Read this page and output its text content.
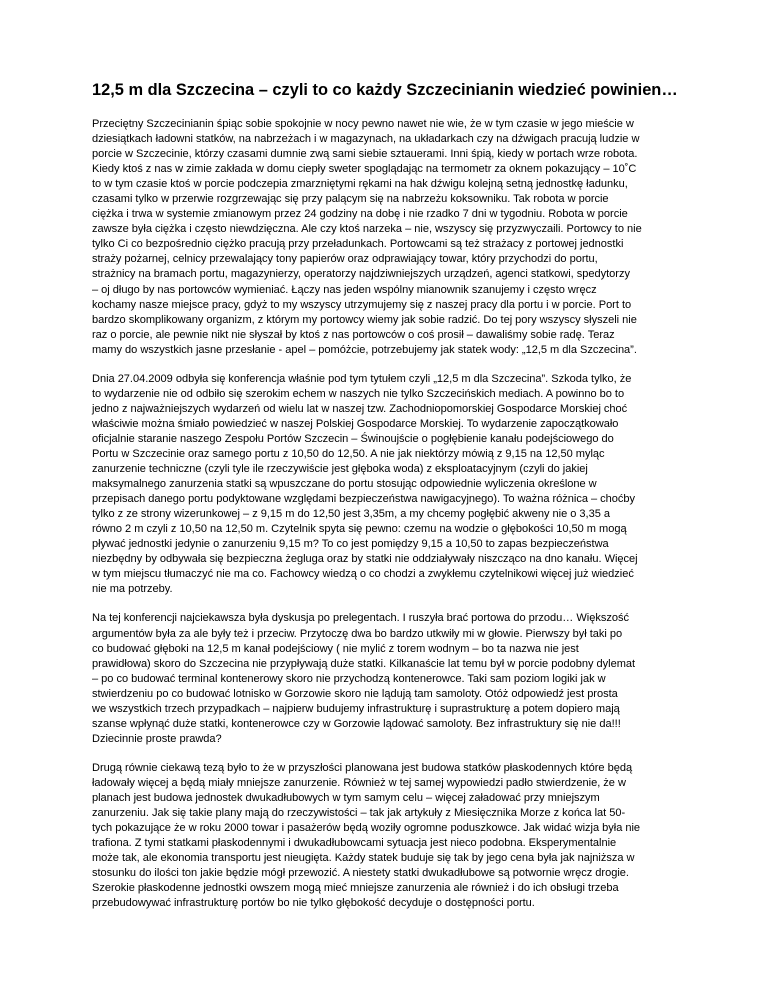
12,5 m dla Szczecina – czyli to co każdy Szczecinianin wiedzieć powinien…
Przeciętny Szczecinianin śpiąc sobie spokojnie w nocy pewno nawet nie wie, że w tym czasie w jego mieście w
dziesiątkach ładowni statków, na nabrzeżach i w magazynach, na układarkach czy na dźwigach pracują ludzie w
porcie w Szczecinie, którzy czasami dumnie zwą sami siebie sztauerami. Inni śpią, kiedy w portach wrze robota.
Kiedy ktoś z nas w zimie zakłada w domu ciepły sweter spoglądając na termometr za oknem pokazujący – 10˚C
to w tym czasie ktoś w porcie podczepia zmarzniętymi rękami na hak dźwigu kolejną setną jednostkę ładunku,
czasami tylko w przerwie rozgrzewając się przy palącym się na nabrzeżu koksowniku. Tak robota w porcie
ciężka i trwa w systemie zmianowym przez 24 godziny na dobę i nie rzadko 7 dni w tygodniu. Robota w porcie
zawsze była ciężka i często niewdzięczna. Ale czy ktoś narzeka – nie, wszyscy się przyzwyczaili. Portowcy to nie
tylko Ci co bezpośrednio ciężko pracują przy przeładunkach. Portowcami są też strażacy z portowej jednostki
straży pożarnej, celnicy przewalający tony papierów oraz odprawiający towar, który przychodzi do portu,
strażnicy na bramach portu, magazynierzy, operatorzy najdziwniejszych urządzeń, agenci statkowi, spedytorzy
– oj długo by nas portowców wymieniać. Łączy nas jeden wspólny mianownik szanujemy i często wręcz
kochamy nasze miejsce pracy, gdyż to my wszyscy utrzymujemy się z naszej pracy dla portu i w porcie. Port to
bardzo skomplikowany organizm, z którym my portowcy wiemy jak sobie radzić. Do tej pory wszyscy słyszeli nie
raz o porcie, ale pewnie nikt nie słyszał by ktoś z nas portowców o coś prosił – dawaliśmy sobie radę. Teraz
mamy do wszystkich jasne przesłanie - apel – pomóżcie, potrzebujemy jak statek wody: „12,5 m dla Szczecina”.
Dnia 27.04.2009 odbyła się konferencja właśnie pod tym tytułem czyli „12,5 m dla Szczecina”. Szkoda tylko, że
to wydarzenie nie od odbiło się szerokim echem w naszych nie tylko Szczecińskich mediach. A powinno bo to
jedno z najważniejszych wydarzeń od wielu lat w naszej tzw. Zachodniopomorskiej Gospodarce Morskiej choć
właściwie można śmiało powiedzieć w naszej Polskiej Gospodarce Morskiej. To wydarzenie zapoczątkowało
oficjalnie staranie naszego Zespołu Portów Szczecin – Świnoujście o pogłębienie kanału podejściowego do
Portu w Szczecinie oraz samego portu z 10,50 do 12,50. A nie jak niektórzy mówią z 9,15 na 12,50 myląc
zanurzenie techniczne (czyli tyle ile rzeczywiście jest głęboka woda) z eksploatacyjnym (czyli do jakiej
maksymalnego zanurzenia statki są wpuszczane do portu stosując odpowiednie wyliczenia określone w
przepisach danego portu podyktowane względami bezpieczeństwa nawigacyjnego). To ważna różnica – choćby
tylko z ze strony wizerunkowej – z 9,15 m do 12,50 jest 3,35m, a my chcemy pogłębić akweny nie o 3,35 a
równo 2 m czyli z 10,50 na 12,50 m. Czytelnik spyta się pewno: czemu na wodzie o głębokości 10,50 m mogą
pływać jednostki jedynie o zanurzeniu 9,15 m? To co jest pomiędzy 9,15 a 10,50 to zapas bezpieczeństwa
niezbędny by odbywała się bezpieczna żegluga oraz by statki nie oddziaływały niszcząco na dno kanału. Więcej
w tym miejscu tłumaczyć nie ma co. Fachowcy wiedzą o co chodzi a zwykłemu czytelnikowi więcej już wiedzieć
nie ma potrzeby.
Na tej konferencji najciekawsza była dyskusja po prelegentach. I ruszyła brać portowa do przodu… Większość
argumentów była za ale były też i przeciw. Przytoczę dwa bo bardzo utkwiły mi w głowie. Pierwszy był taki po
co budować głęboki na 12,5 m kanał podejściowy ( nie mylić z torem wodnym – bo ta nazwa nie jest
prawidłowa) skoro do Szczecina nie przypływają duże statki. Kilkanaście lat temu był w porcie podobny dylemat
– po co budować terminal kontenerowy skoro nie przychodzą kontenerowce. Taki sam poziom logiki jak w
stwierdzeniu po co budować lotnisko w Gorzowie skoro nie lądują tam samoloty. Otóż odpowiedź jest prosta
we wszystkich trzech przypadkach – najpierw budujemy infrastrukturę i suprastrukturę a potem dopiero mają
szanse wpłynąć duże statki, kontenerowce czy w Gorzowie lądować samoloty. Bez infrastruktury się nie da!!!
Dziecinnie proste prawda?
Drugą równie ciekawą tezą było to że w przyszłości planowana jest budowa statków płaskodennych które będą
ładowały więcej a będą miały mniejsze zanurzenie. Również w tej samej wypowiedzi padło stwierdzenie, że w
planach jest budowa jednostek dwukadłubowych w tym samym celu – więcej załadować przy mniejszym
zanurzeniu. Jak się takie plany mają do rzeczywistości – tak jak artykuły z Miesięcznika Morze z końca lat 50-
tych pokazujące że w roku 2000 towar i pasażerów będą woziły ogromne poduszkowce. Jak widać wizja była nie
trafiona. Z tymi statkami płaskodennymi i dwukadłubowcami sytuacja jest nieco podobna. Eksperymentalnie
może tak, ale ekonomia transportu jest nieugięta. Każdy statek buduje się tak by jego cena była jak najniższa w
stosunku do ilości ton jakie będzie mógł przewozić. A niestety statki dwukadłubowe są potwornie wręcz drogie.
Szerokie płaskodenne jednostki owszem mogą mieć mniejsze zanurzenia ale również i do ich obsługi trzeba
przebudowywać infrastrukturę portów bo nie tylko głębokość decyduje o dostępności portu.
